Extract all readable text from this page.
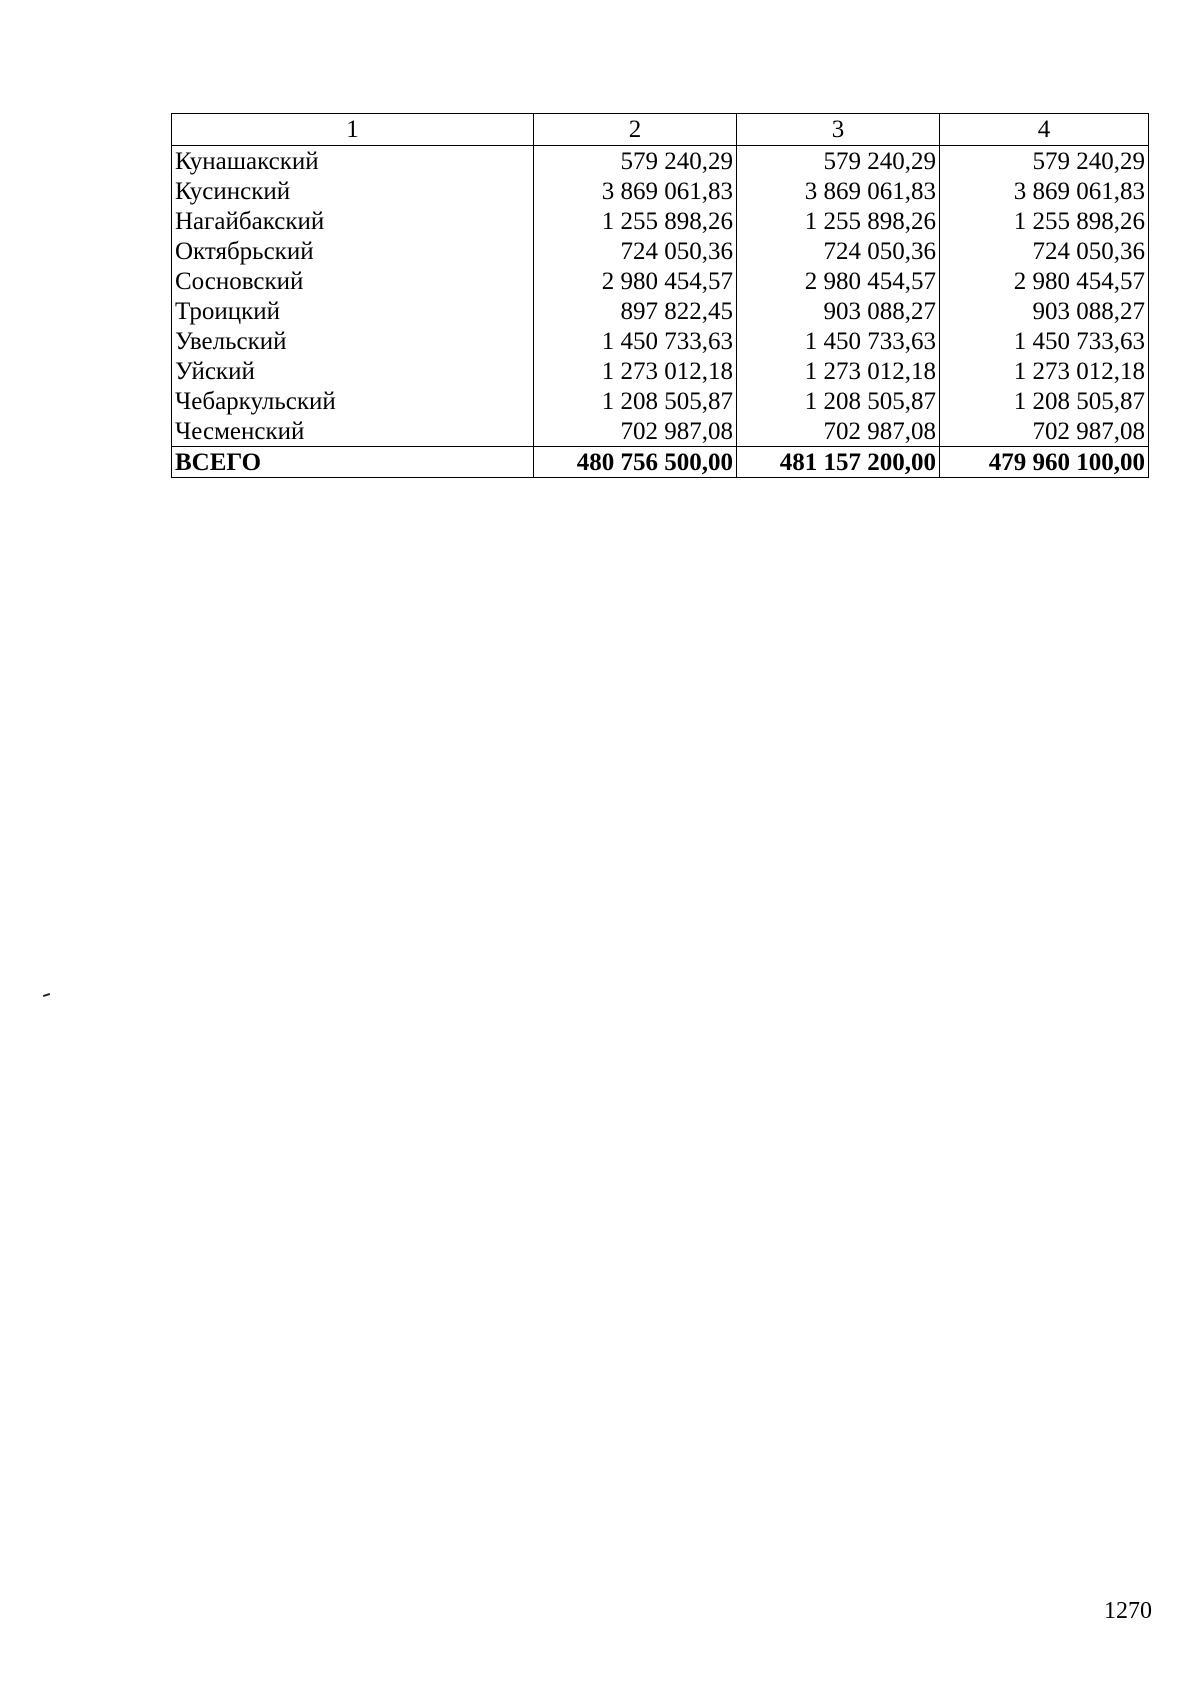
1	2	3	4
Кунашакский	579 240,29	579 240,29	579 240,29
Кусинский	3 869 061,83	3 869 061,83	3 869 061,83
Нагайбакский	1 255 898,26	1 255 898,26	1 255 898,26
Октябрьский	724 050,36	724 050,36	724 050,36
Сосновский	2 980 454,57	2 980 454,57	2 980 454,57
Троицкий	897 822,45	903 088,27	903 088,27
Увельский	1 450 733,63	1 450 733,63	1 450 733,63
Уйский	1 273 012,18	1 273 012,18	1 273 012,18
Чебаркульский	1 208 505,87	1 208 505,87	1 208 505,87
Чесменский	702 987,08	702 987,08	702 987,08
ВСЕГО	480 756 500,00	481 157 200,00	479 960 100,00
1270
